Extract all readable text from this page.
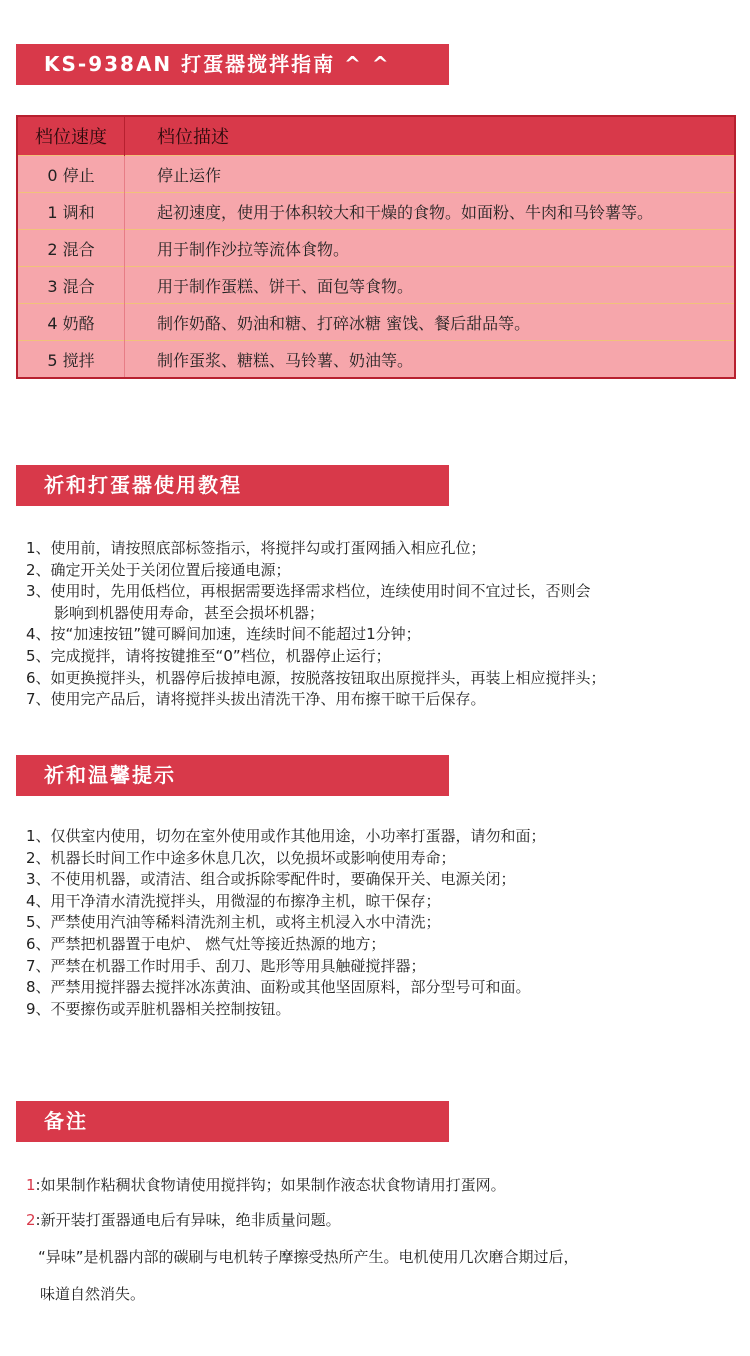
KS-938AN 打蛋器搅拌指南 ^ ^
档位速度	档位描述
0 停止	停止运作
1 调和	起初速度，使用于体积较大和干燥的食物。如面粉、牛肉和马铃薯等。
2 混合	用于制作沙拉等流体食物。
3 混合	用于制作蛋糕、饼干、面包等食物。
4 奶酪	制作奶酪、奶油和糖、打碎冰糖 蜜饯、餐后甜品等。
5 搅拌	制作蛋浆、糖糕、马铃薯、奶油等。
祈和打蛋器使用教程
1、使用前，请按照底部标签指示，将搅拌勾或打蛋网插入相应孔位；
2、确定开关处于关闭位置后接通电源；
3、使用时，先用低档位，再根据需要选择需求档位，连续使用时间不宜过长，否则会
影响到机器使用寿命，甚至会损坏机器；
4、按“加速按钮”键可瞬间加速，连续时间不能超过1分钟；
5、完成搅拌，请将按键推至“0”档位，机器停止运行；
6、如更换搅拌头，机器停后拔掉电源，按脱落按钮取出原搅拌头，再装上相应搅拌头；
7、使用完产品后，请将搅拌头拔出清洗干净、用布擦干晾干后保存。
祈和温馨提示
1、仅供室内使用，切勿在室外使用或作其他用途，小功率打蛋器，请勿和面；
2、机器长时间工作中途多休息几次，以免损坏或影响使用寿命；
3、不使用机器，或清洁、组合或拆除零配件时，要确保开关、电源关闭；
4、用干净清水清洗搅拌头，用微湿的布擦净主机，晾干保存；
5、严禁使用汽油等稀料清洗剂主机，或将主机浸入水中清洗；
6、严禁把机器置于电炉、 燃气灶等接近热源的地方；
7、严禁在机器工作时用手、刮刀、匙形等用具触碰搅拌器；
8、严禁用搅拌器去搅拌冰冻黄油、面粉或其他坚固原料，部分型号可和面。
9、不要擦伤或弄脏机器相关控制按钮。
备注
1:如果制作粘稠状食物请使用搅拌钩；如果制作液态状食物请用打蛋网。
2:新开装打蛋器通电后有异味，绝非质量问题。
“异味”是机器内部的碳刷与电机转子摩擦受热所产生。电机使用几次磨合期过后，
味道自然消失。
